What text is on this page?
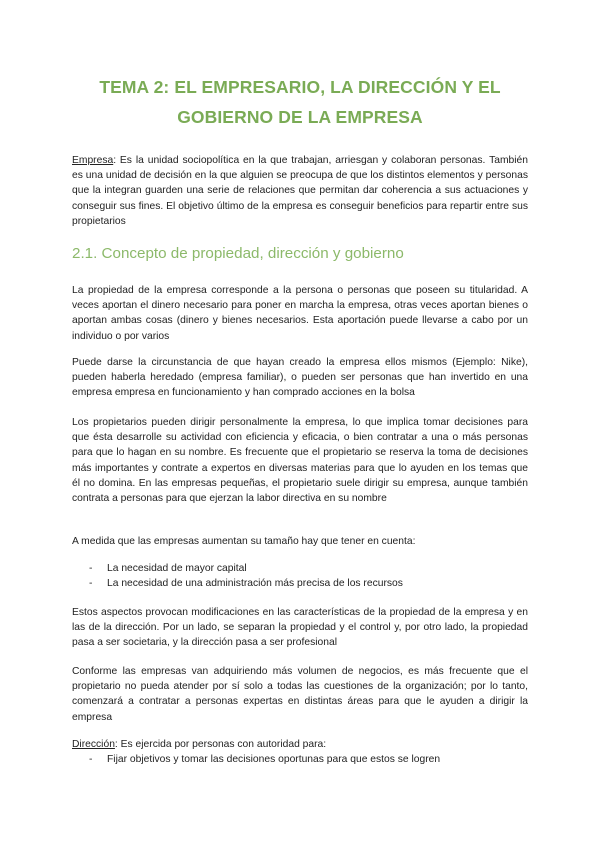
TEMA 2: EL EMPRESARIO, LA DIRECCIÓN Y EL
GOBIERNO DE LA EMPRESA

Empresa: Es la unidad sociopolítica en la que trabajan, arriesgan y colaboran personas. También es una unidad de decisión en la que alguien se preocupa de que los distintos elementos y personas que la integran guarden una serie de relaciones que permitan dar coherencia a sus actuaciones y conseguir sus fines. El objetivo último de la empresa es conseguir beneficios para repartir entre sus propietarios

2.1. Concepto de propiedad, dirección y gobierno

La propiedad de la empresa corresponde a la persona o personas que poseen su titularidad. A veces aportan el dinero necesario para poner en marcha la empresa, otras veces aportan bienes o aportan ambas cosas (dinero y bienes necesarios. Esta aportación puede llevarse a cabo por un individuo o por varios

Puede darse la circunstancia de que hayan creado la empresa ellos mismos (Ejemplo: Nike), pueden haberla heredado (empresa familiar), o pueden ser personas que han invertido en una empresa empresa en funcionamiento y han comprado acciones en la bolsa

Los propietarios pueden dirigir personalmente la empresa, lo que implica tomar decisiones para que ésta desarrolle su actividad con eficiencia y eficacia, o bien contratar a una o más personas para que lo hagan en su nombre. Es frecuente que el propietario se reserva la toma de decisiones más importantes y contrate a expertos en diversas materias para que lo ayuden en los temas que él no domina. En las empresas pequeñas, el propietario suele dirigir su empresa, aunque también contrata a personas para que ejerzan la labor directiva en su nombre

A medida que las empresas aumentan su tamaño hay que tener en cuenta:

- La necesidad de mayor capital
- La necesidad de una administración más precisa de los recursos

Estos aspectos provocan modificaciones en las características de la propiedad de la empresa y en las de la dirección. Por un lado, se separan la propiedad y el control y, por otro lado, la propiedad pasa a ser societaria, y la dirección pasa a ser profesional

Conforme las empresas van adquiriendo más volumen de negocios, es más frecuente que el propietario no pueda atender por sí solo a todas las cuestiones de la organización; por lo tanto, comenzará a contratar a personas expertas en distintas áreas para que le ayuden a dirigir la empresa

Dirección: Es ejercida por personas con autoridad para:

- Fijar objetivos y tomar las decisiones oportunas para que estos se logren
